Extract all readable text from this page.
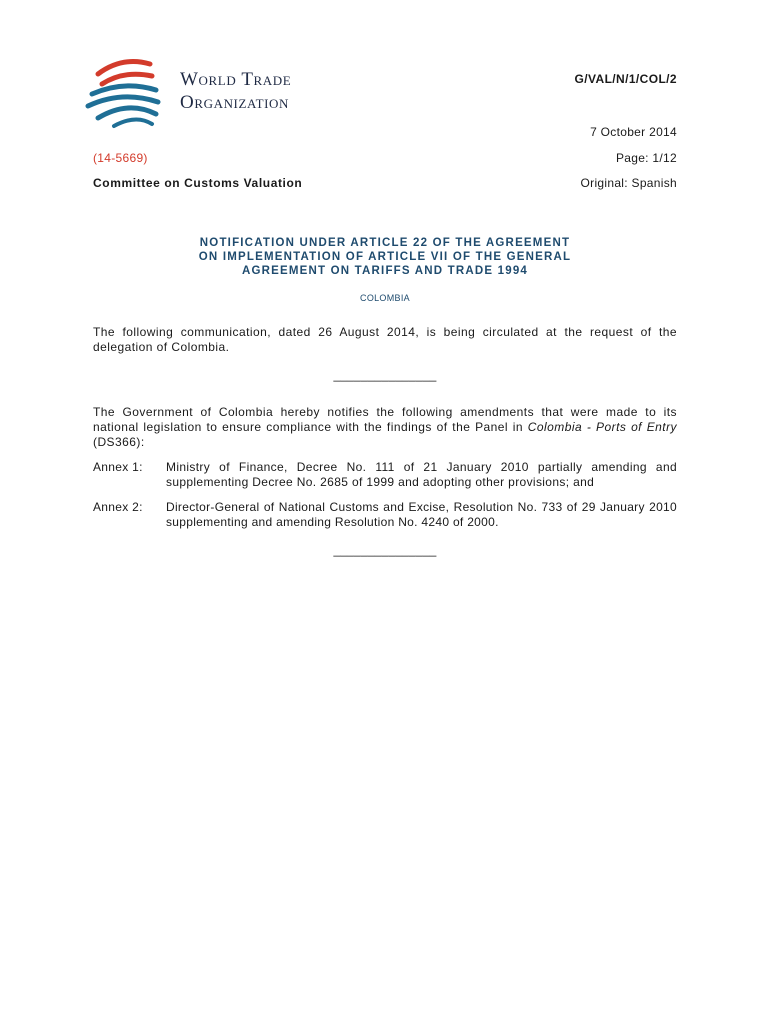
World Trade
Organization
G/VAL/N/1/COL/2
7 October 2014
(14-5669)	Page: 1/12
Committee on Customs Valuation	Original: Spanish
NOTIFICATION UNDER ARTICLE 22 OF THE AGREEMENT
ON IMPLEMENTATION OF ARTICLE VII OF THE GENERAL
AGREEMENT ON TARIFFS AND TRADE 1994
COLOMBIA
The following communication, dated 26 August 2014, is being circulated at the request of the delegation of Colombia.
_______________
The Government of Colombia hereby notifies the following amendments that were made to its national legislation to ensure compliance with the findings of the Panel in Colombia - Ports of Entry (DS366):
Annex 1:	Ministry of Finance, Decree No. 111 of 21 January 2010 partially amending and supplementing Decree No. 2685 of 1999 and adopting other provisions; and
Annex 2:	Director-General of National Customs and Excise, Resolution No. 733 of 29 January 2010 supplementing and amending Resolution No. 4240 of 2000.
_______________
